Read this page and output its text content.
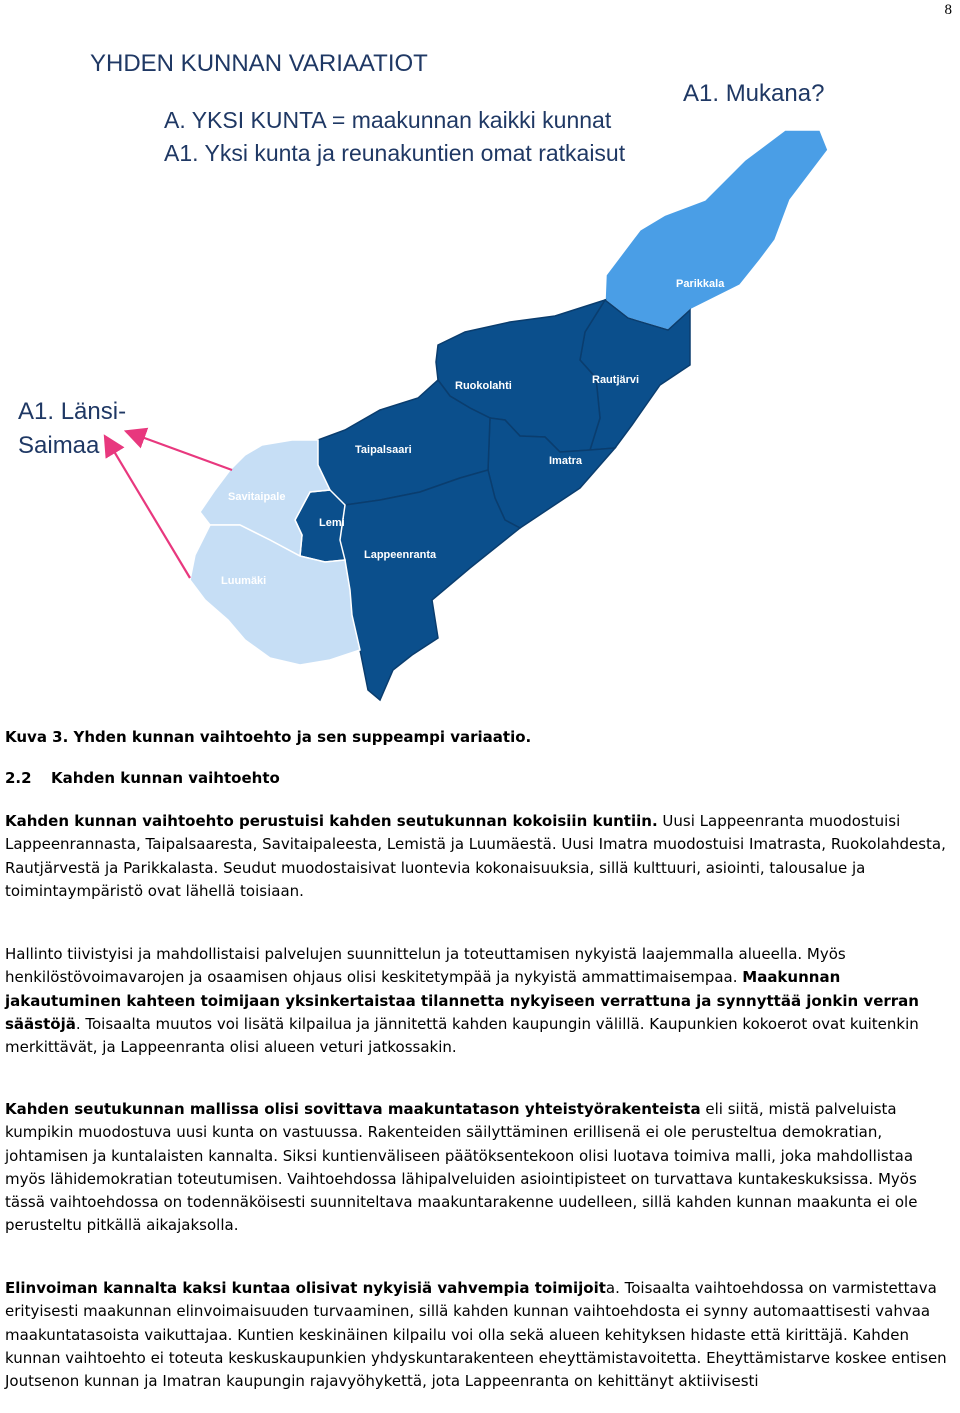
8
YHDEN KUNNAN VARIAATIOT
A. YKSI KUNTA = maakunnan kaikki kunnat
A1. Yksi kunta ja reunakuntien omat ratkaisut
A1. Mukana?
A1. Länsi-Saimaa
Parikkala
Rautjärvi
Ruokolahti
Imatra
Taipalsaari
Savitaipale
Lemi
Lappeenranta
Luumäki

Kuva 3. Yhden kunnan vaihtoehto ja sen suppeampi variaatio.

2.2 Kahden kunnan vaihtoehto

Kahden kunnan vaihtoehto perustuisi kahden seutukunnan kokoisiin kuntiin. Uusi Lappeenranta muodostuisi Lappeenrannasta, Taipalsaaresta, Savitaipaleesta, Lemistä ja Luumäestä. Uusi Imatra muodostuisi Imatrasta, Ruokolahdesta, Rautjärvestä ja Parikkalasta. Seudut muodostaisivat luontevia kokonaisuuksia, sillä kulttuuri, asiointi, talousalue ja toimintaympäristö ovat lähellä toisiaan.

Hallinto tiivistyisi ja mahdollistaisi palvelujen suunnittelun ja toteuttamisen nykyistä laajemmalla alueella. Myös henkilöstövoimavarojen ja osaamisen ohjaus olisi keskitetympää ja nykyistä ammattimaisempaa. Maakunnan jakautuminen kahteen toimijaan yksinkertaistaa tilannetta nykyiseen verrattuna ja synnyttää jonkin verran säästöjä. Toisaalta muutos voi lisätä kilpailua ja jännitettä kahden kaupungin välillä. Kaupunkien kokoerot ovat kuitenkin merkittävät, ja Lappeenranta olisi alueen veturi jatkossakin.

Kahden seutukunnan mallissa olisi sovittava maakuntatason yhteistyörakenteista eli siitä, mistä palveluista kumpikin muodostuva uusi kunta on vastuussa. Rakenteiden säilyttäminen erillisenä ei ole perusteltua demokratian, johtamisen ja kuntalaisten kannalta. Siksi kuntienväliseen päätöksentekoon olisi luotava toimiva malli, joka mahdollistaa myös lähidemokratian toteutumisen. Vaihtoehdossa lähipalveluiden asiointipisteet on turvattava kuntakeskuksissa. Myös tässä vaihtoehdossa on todennäköisesti suunniteltava maakuntarakenne uudelleen, sillä kahden kunnan maakunta ei ole perusteltu pitkällä aikajaksolla.

Elinvoiman kannalta kaksi kuntaa olisivat nykyisiä vahvempia toimijoita. Toisaalta vaihtoehdossa on varmistettava erityisesti maakunnan elinvoimaisuuden turvaaminen, sillä kahden kunnan vaihtoehdosta ei synny automaattisesti vahvaa maakuntatasoista vaikuttajaa. Kuntien keskinäinen kilpailu voi olla sekä alueen kehityksen hidaste että kirittäjä. Kahden kunnan vaihtoehto ei toteuta keskuskaupunkien yhdyskuntarakenteen eheyttämistavoitetta. Eheyttämistarve koskee entisen Joutsenon kunnan ja Imatran kaupungin rajavyöhykettä, jota Lappeenranta on kehittänyt aktiivisesti
